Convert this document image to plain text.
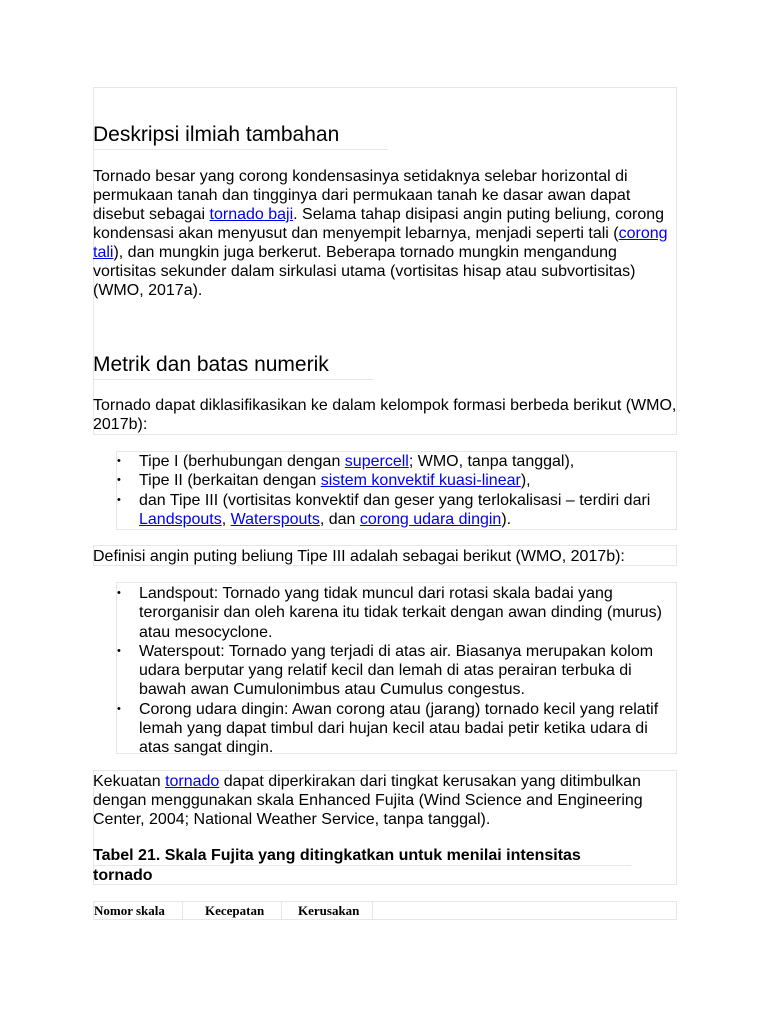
Deskripsi ilmiah tambahan

Tornado besar yang corong kondensasinya setidaknya selebar horizontal di permukaan tanah dan tingginya dari permukaan tanah ke dasar awan dapat disebut sebagai tornado baji. Selama tahap disipasi angin puting beliung, corong kondensasi akan menyusut dan menyempit lebarnya, menjadi seperti tali (corong tali), dan mungkin juga berkerut. Beberapa tornado mungkin mengandung vortisitas sekunder dalam sirkulasi utama (vortisitas hisap atau subvortisitas) (WMO, 2017a).

Metrik dan batas numerik

Tornado dapat diklasifikasikan ke dalam kelompok formasi berbeda berikut (WMO, 2017b):

• Tipe I (berhubungan dengan supercell; WMO, tanpa tanggal),
• Tipe II (berkaitan dengan sistem konvektif kuasi-linear),
• dan Tipe III (vortisitas konvektif dan geser yang terlokalisasi – terdiri dari Landspouts, Waterspouts, dan corong udara dingin).

Definisi angin puting beliung Tipe III adalah sebagai berikut (WMO, 2017b):

• Landspout: Tornado yang tidak muncul dari rotasi skala badai yang terorganisir dan oleh karena itu tidak terkait dengan awan dinding (murus) atau mesocyclone.
• Waterspout: Tornado yang terjadi di atas air. Biasanya merupakan kolom udara berputar yang relatif kecil dan lemah di atas perairan terbuka di bawah awan Cumulonimbus atau Cumulus congestus.
• Corong udara dingin: Awan corong atau (jarang) tornado kecil yang relatif lemah yang dapat timbul dari hujan kecil atau badai petir ketika udara di atas sangat dingin.

Kekuatan tornado dapat diperkirakan dari tingkat kerusakan yang ditimbulkan dengan menggunakan skala Enhanced Fujita (Wind Science and Engineering Center, 2004; National Weather Service, tanpa tanggal).

Tabel 21. Skala Fujita yang ditingkatkan untuk menilai intensitas tornado
Nomor skala	Kecepatan	Kerusakan
